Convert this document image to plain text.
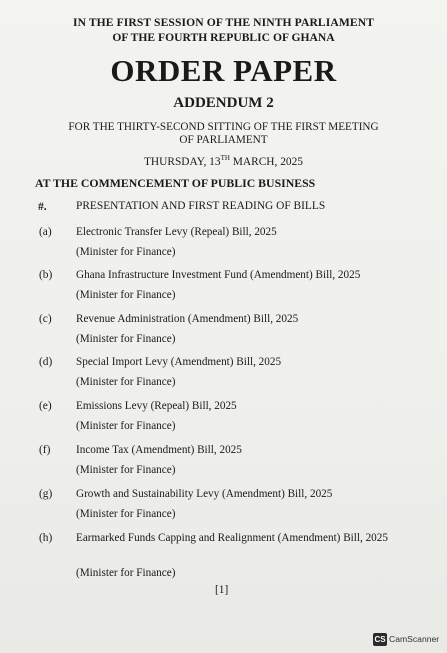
IN THE FIRST SESSION OF THE NINTH PARLIAMENT
OF THE FOURTH REPUBLIC OF GHANA
ORDER PAPER
ADDENDUM 2
FOR THE THIRTY-SECOND SITTING OF THE FIRST MEETING
OF PARLIAMENT
THURSDAY, 13TH MARCH, 2025
AT THE COMMENCEMENT OF PUBLIC BUSINESS
#.	PRESENTATION AND FIRST READING OF BILLS
(a) Electronic Transfer Levy (Repeal) Bill, 2025
(Minister for Finance)
(b) Ghana Infrastructure Investment Fund (Amendment) Bill, 2025
(Minister for Finance)
(c) Revenue Administration (Amendment) Bill, 2025
(Minister for Finance)
(d) Special Import Levy (Amendment) Bill, 2025
(Minister for Finance)
(e) Emissions Levy (Repeal) Bill, 2025
(Minister for Finance)
(f) Income Tax (Amendment) Bill, 2025
(Minister for Finance)
(g) Growth and Sustainability Levy (Amendment) Bill, 2025
(Minister for Finance)
(h) Earmarked Funds Capping and Realignment (Amendment) Bill, 2025
(Minister for Finance)
[1]
CS CamScanner
